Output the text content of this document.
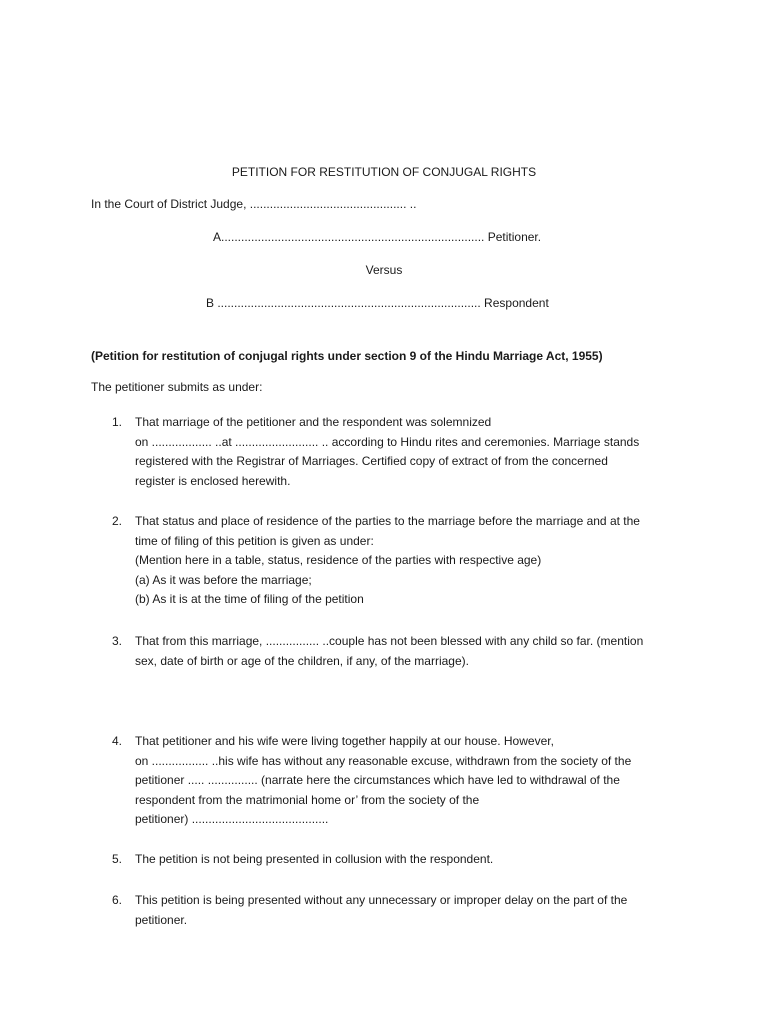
PETITION FOR RESTITUTION OF CONJUGAL RIGHTS
In the Court of District Judge, ............................................... ..
A............................................................................... Petitioner.
Versus
B ............................................................................... Respondent
(Petition for restitution of conjugal rights under section 9 of the Hindu Marriage Act, 1955)
The petitioner submits as under:
1.	That marriage of the petitioner and the respondent was solemnized
on .................. ..at ......................... .. according to Hindu rites and ceremonies. Marriage stands
registered with the Registrar of Marriages. Certified copy of extract of from the concerned
register is enclosed herewith.
2.	That status and place of residence of the parties to the marriage before the marriage and at the
time of filing of this petition is given as under:
(Mention here in a table, status, residence of the parties with respective age)
(a) As it was before the marriage;
(b) As it is at the time of filing of the petition
3.	That from this marriage, ................ ..couple has not been blessed with any child so far. (mention
sex, date of birth or age of the children, if any, of the marriage).
4.	That petitioner and his wife were living together happily at our house. However,
on ................. ..his wife has without any reasonable excuse, withdrawn from the society of the
petitioner ..... ............... (narrate here the circumstances which have led to withdrawal of the
respondent from the matrimonial home or’ from the society of the
petitioner) .........................................
5.	The petition is not being presented in collusion with the respondent.
6.	This petition is being presented without any unnecessary or improper delay on the part of the
petitioner.
